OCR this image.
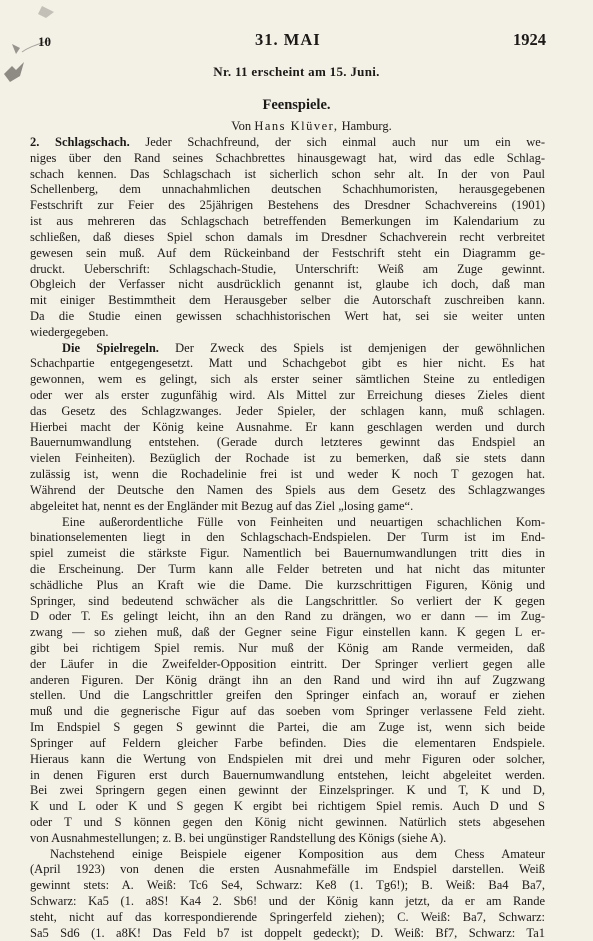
10	31. MAI	1924
Nr. 11 erscheint am 15. Juni.
Feenspiele.
Von Hans Klüver, Hamburg.
2. Schlagschach. Jeder Schachfreund, der sich einmal auch nur um ein we-
niges über den Rand seines Schachbrettes hinausgewagt hat, wird das edle Schlag-
schach kennen. Das Schlagschach ist sicherlich schon sehr alt. In der von Paul
Schellenberg, dem unnachahmlichen deutschen Schachhumoristen, herausgegebenen
Festschrift zur Feier des 25jährigen Bestehens des Dresdner Schachvereins (1901)
ist aus mehreren das Schlagschach betreffenden Bemerkungen im Kalendarium zu
schließen, daß dieses Spiel schon damals im Dresdner Schachverein recht verbreitet
gewesen sein muß. Auf dem Rückeinband der Festschrift steht ein Diagramm ge-
druckt. Ueberschrift: Schlagschach-Studie, Unterschrift: Weiß am Zuge gewinnt.
Obgleich der Verfasser nicht ausdrücklich genannt ist, glaube ich doch, daß man
mit einiger Bestimmtheit dem Herausgeber selber die Autorschaft zuschreiben kann.
Da die Studie einen gewissen schachhistorischen Wert hat, sei sie weiter unten
wiedergegeben.
Die Spielregeln. Der Zweck des Spiels ist demjenigen der gewöhnlichen
Schachpartie entgegengesetzt. Matt und Schachgebot gibt es hier nicht. Es hat
gewonnen, wem es gelingt, sich als erster seiner sämtlichen Steine zu entledigen
oder wer als erster zugunfähig wird. Als Mittel zur Erreichung dieses Zieles dient
das Gesetz des Schlagzwanges. Jeder Spieler, der schlagen kann, muß schlagen.
Hierbei macht der König keine Ausnahme. Er kann geschlagen werden und durch
Bauernumwandlung entstehen. (Gerade durch letzteres gewinnt das Endspiel an
vielen Feinheiten). Bezüglich der Rochade ist zu bemerken, daß sie stets dann
zulässig ist, wenn die Rochadelinie frei ist und weder K noch T gezogen hat.
Während der Deutsche den Namen des Spiels aus dem Gesetz des Schlagzwanges
abgeleitet hat, nennt es der Engländer mit Bezug auf das Ziel „losing game“.
Eine außerordentliche Fülle von Feinheiten und neuartigen schachlichen Kom-
binationselementen liegt in den Schlagschach-Endspielen. Der Turm ist im End-
spiel zumeist die stärkste Figur. Namentlich bei Bauernumwandlungen tritt dies in
die Erscheinung. Der Turm kann alle Felder betreten und hat nicht das mitunter
schädliche Plus an Kraft wie die Dame. Die kurzschrittigen Figuren, König und
Springer, sind bedeutend schwächer als die Langschrittler. So verliert der K gegen
D oder T. Es gelingt leicht, ihn an den Rand zu drängen, wo er dann — im Zug-
zwang — so ziehen muß, daß der Gegner seine Figur einstellen kann. K gegen L er-
gibt bei richtigem Spiel remis. Nur muß der König am Rande vermeiden, daß
der Läufer in die Zweifelder-Opposition eintritt. Der Springer verliert gegen alle
anderen Figuren. Der König drängt ihn an den Rand und wird ihn auf Zugzwang
stellen. Und die Langschrittler greifen den Springer einfach an, worauf er ziehen
muß und die gegnerische Figur auf das soeben vom Springer verlassene Feld zieht.
Im Endspiel S gegen S gewinnt die Partei, die am Zuge ist, wenn sich beide
Springer auf Feldern gleicher Farbe befinden. Dies die elementaren Endspiele.
Hieraus kann die Wertung von Endspielen mit drei und mehr Figuren oder solcher,
in denen Figuren erst durch Bauernumwandlung entstehen, leicht abgeleitet werden.
Bei zwei Springern gegen einen gewinnt der Einzelspringer. K und T, K und D,
K und L oder K und S gegen K ergibt bei richtigem Spiel remis. Auch D und S
oder T und S können gegen den König nicht gewinnen. Natürlich stets abgesehen
von Ausnahmestellungen; z. B. bei ungünstiger Randstellung des Königs (siehe A).
Nachstehend einige Beispiele eigener Komposition aus dem Chess Amateur
(April 1923) von denen die ersten Ausnahmefälle im Endspiel darstellen. Weiß
gewinnt stets: A. Weiß: Tc6 Se4, Schwarz: Ke8 (1. Tg6!); B. Weiß: Ba4 Ba7,
Schwarz: Ka5 (1. a8S! Ka4 2. Sb6! und der König kann jetzt, da er am Rande
steht, nicht auf das korrespondierende Springerfeld ziehen); C. Weiß: Ba7, Schwarz:
Sa5 Sd6 (1. a8K! Das Feld b7 ist doppelt gedeckt); D. Weiß: Bf7, Schwarz: Ta1
